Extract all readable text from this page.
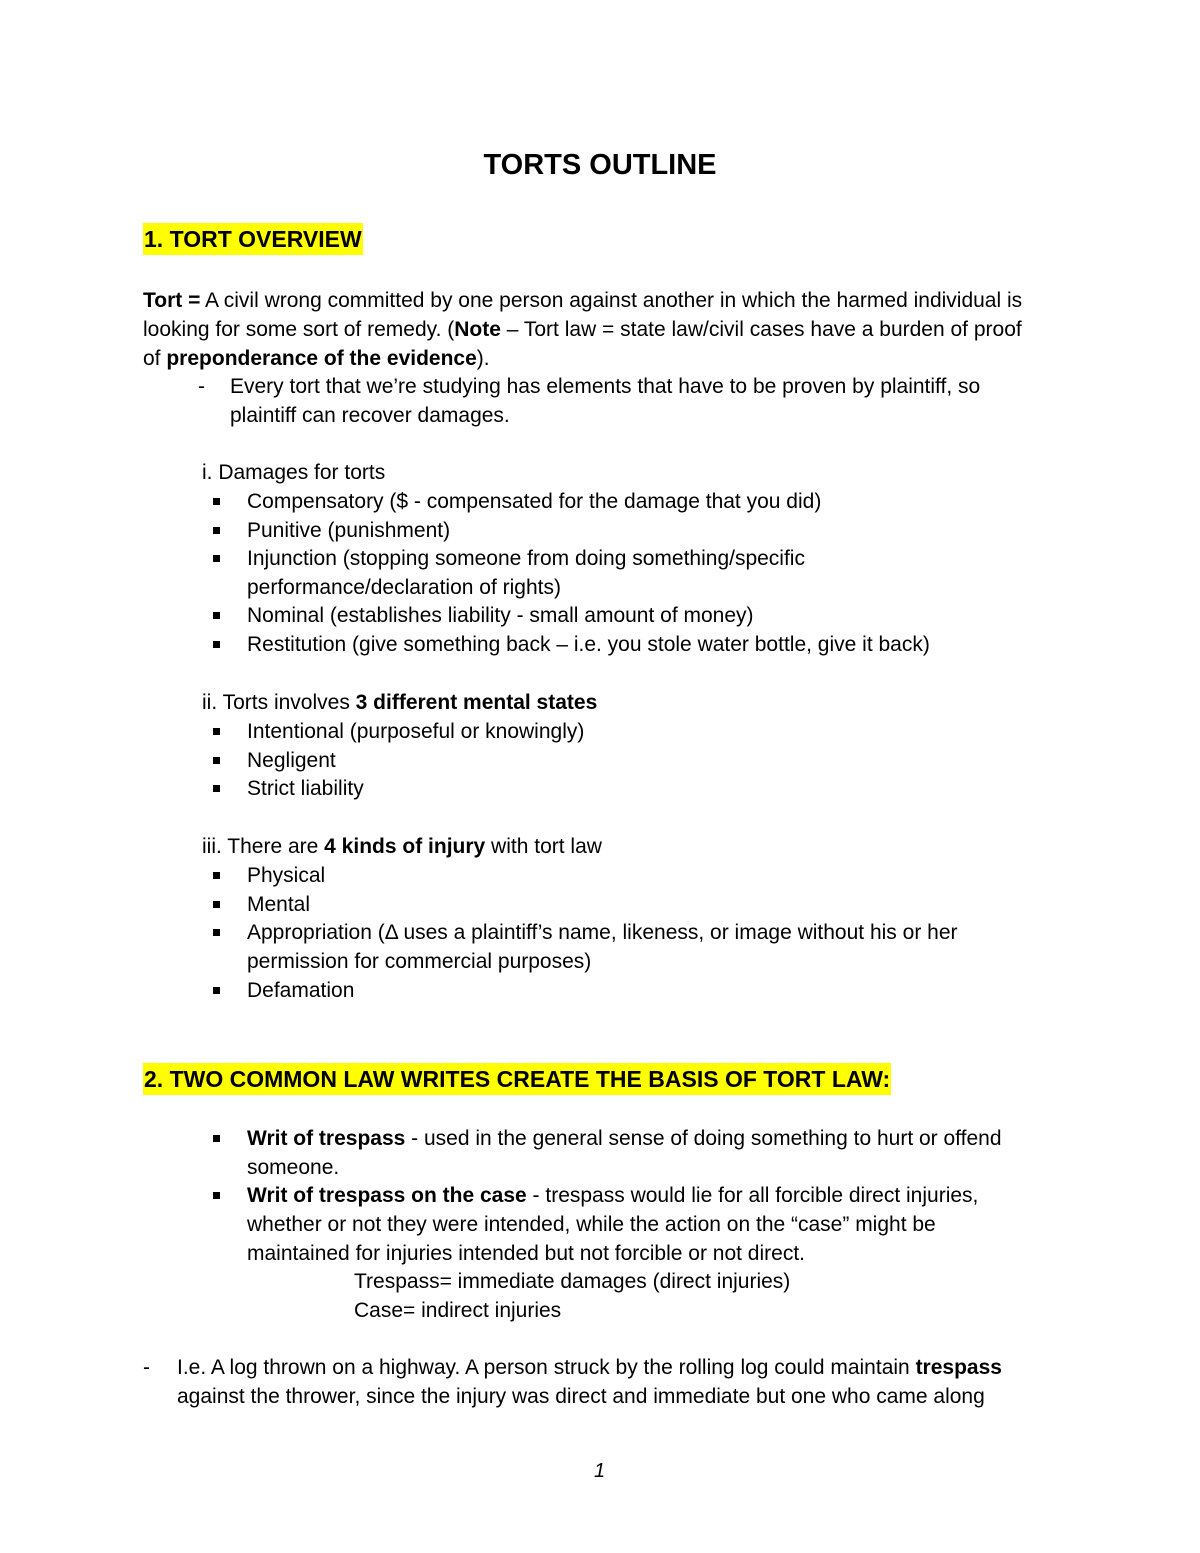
TORTS OUTLINE
1. TORT OVERVIEW
Tort = A civil wrong committed by one person against another in which the harmed individual is
looking for some sort of remedy. (Note – Tort law = state law/civil cases have a burden of proof
of preponderance of the evidence).
- Every tort that we’re studying has elements that have to be proven by plaintiff, so
plaintiff can recover damages.
i. Damages for torts
Compensatory ($ - compensated for the damage that you did)
Punitive (punishment)
Injunction (stopping someone from doing something/specific
performance/declaration of rights)
Nominal (establishes liability - small amount of money)
Restitution (give something back – i.e. you stole water bottle, give it back)
ii. Torts involves 3 different mental states
Intentional (purposeful or knowingly)
Negligent
Strict liability
iii. There are 4 kinds of injury with tort law
Physical
Mental
Appropriation (Δ uses a plaintiff’s name, likeness, or image without his or her
permission for commercial purposes)
Defamation
2. TWO COMMON LAW WRITES CREATE THE BASIS OF TORT LAW:
Writ of trespass - used in the general sense of doing something to hurt or offend
someone.
Writ of trespass on the case - trespass would lie for all forcible direct injuries,
whether or not they were intended, while the action on the “case” might be
maintained for injuries intended but not forcible or not direct.
Trespass= immediate damages (direct injuries)
Case= indirect injuries
- I.e. A log thrown on a highway. A person struck by the rolling log could maintain trespass
against the thrower, since the injury was direct and immediate but one who came along
1
